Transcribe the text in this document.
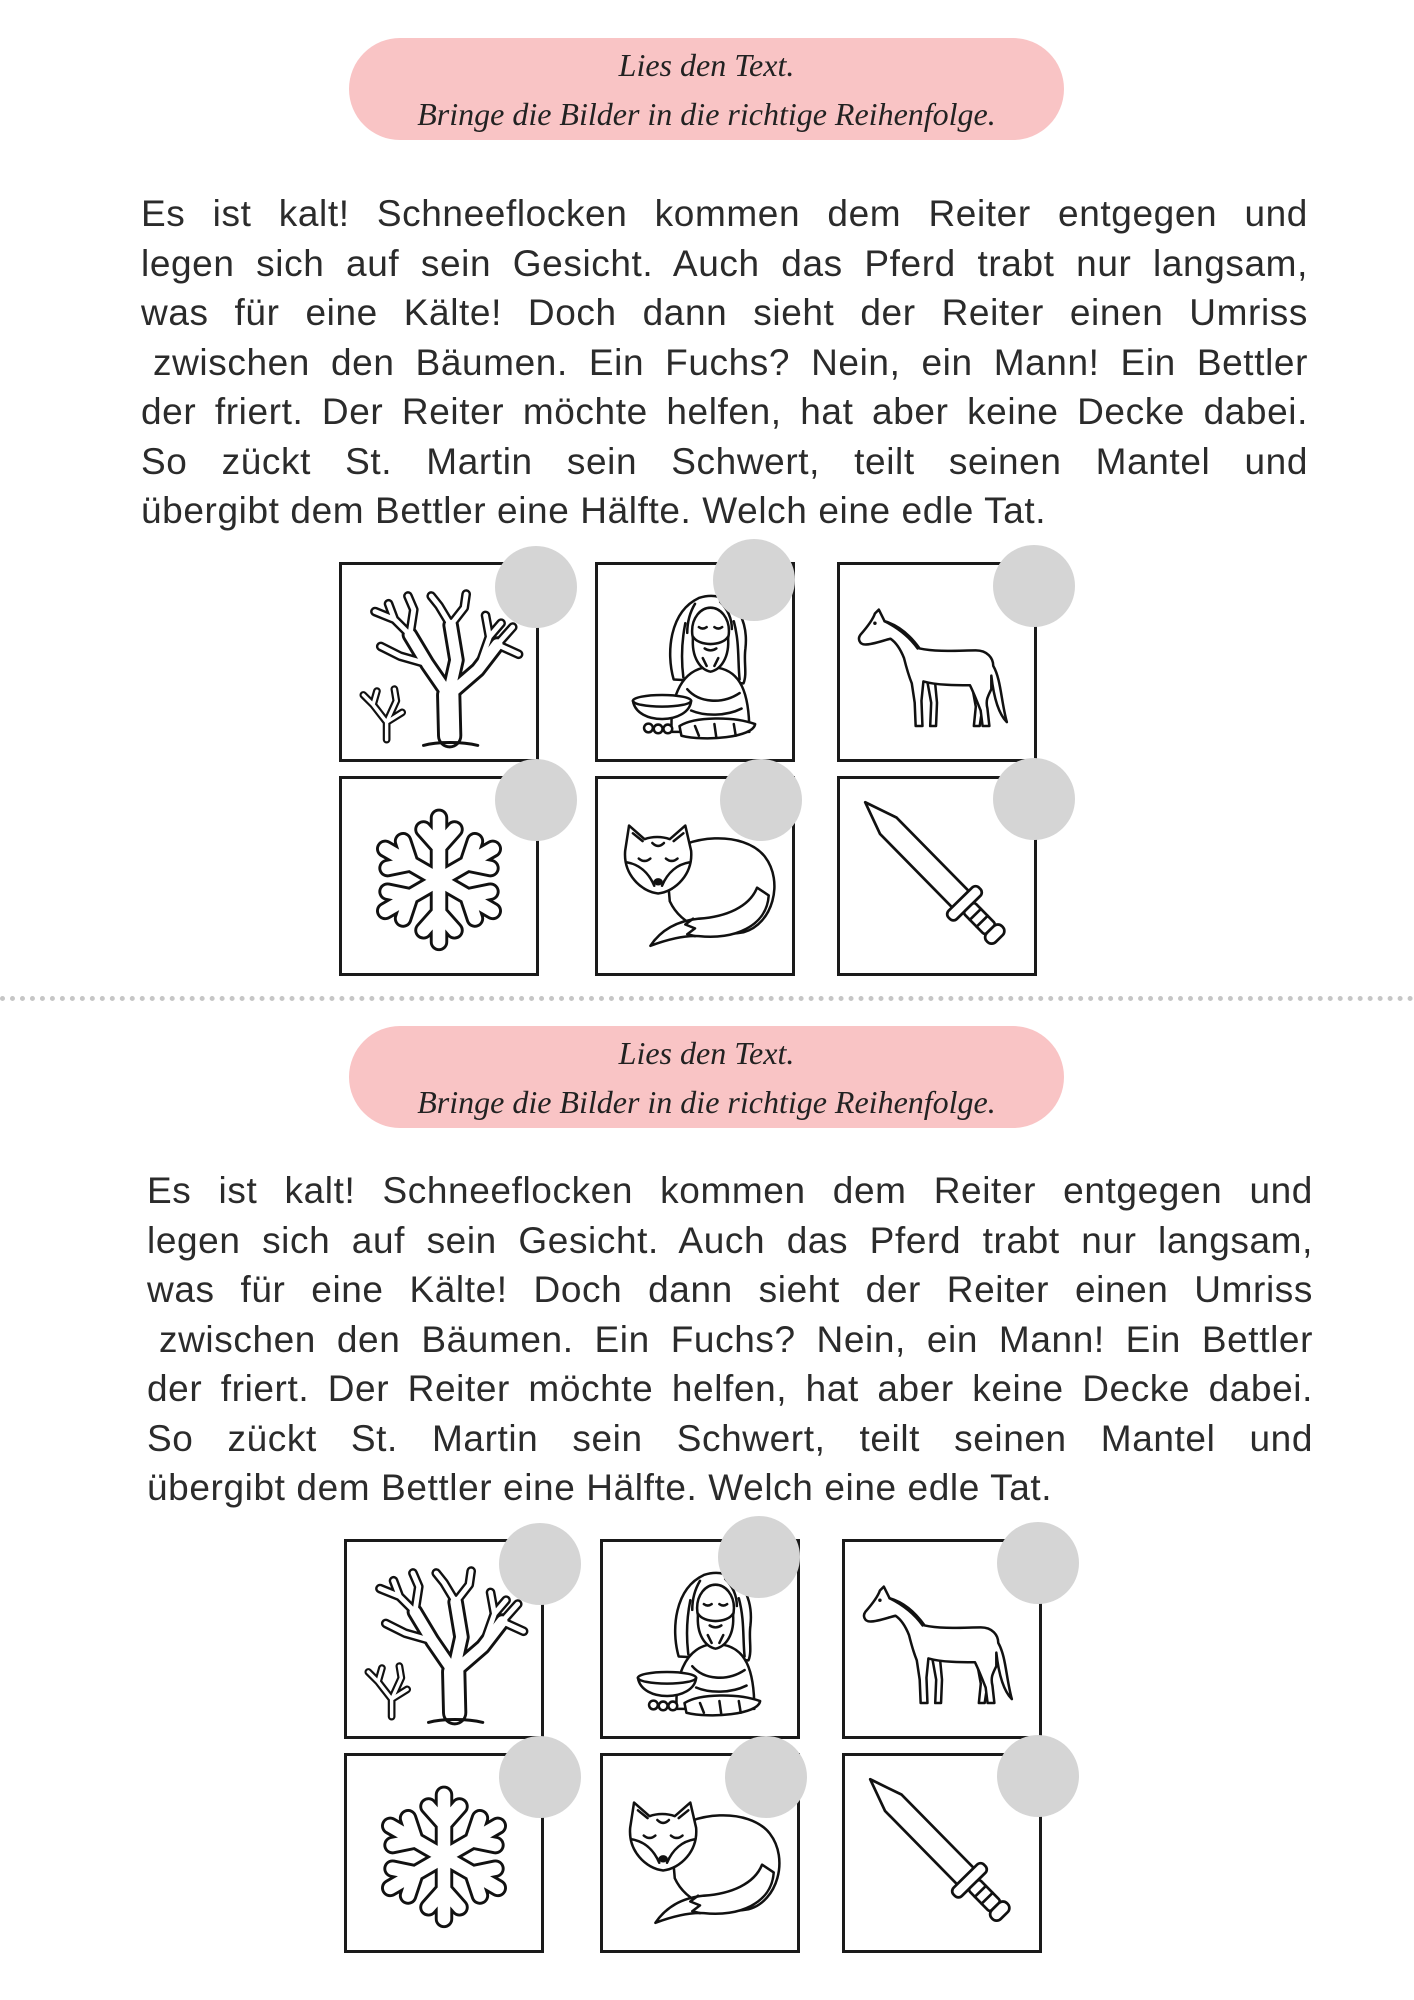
Lies den Text.
Bringe die Bilder in die richtige Reihenfolge.
Es ist kalt! Schneeflocken kommen dem Reiter entgegen und
legen sich auf sein Gesicht. Auch das Pferd trabt nur langsam,
was für eine Kälte! Doch dann sieht der Reiter einen Umriss
zwischen den Bäumen. Ein Fuchs? Nein, ein Mann! Ein Bettler
der friert. Der Reiter möchte helfen, hat aber keine Decke dabei.
So zückt St. Martin sein Schwert, teilt seinen Mantel und
übergibt dem Bettler eine Hälfte. Welch eine edle Tat.
Lies den Text.
Bringe die Bilder in die richtige Reihenfolge.
Es ist kalt! Schneeflocken kommen dem Reiter entgegen und
legen sich auf sein Gesicht. Auch das Pferd trabt nur langsam,
was für eine Kälte! Doch dann sieht der Reiter einen Umriss
zwischen den Bäumen. Ein Fuchs? Nein, ein Mann! Ein Bettler
der friert. Der Reiter möchte helfen, hat aber keine Decke dabei.
So zückt St. Martin sein Schwert, teilt seinen Mantel und
übergibt dem Bettler eine Hälfte. Welch eine edle Tat.
